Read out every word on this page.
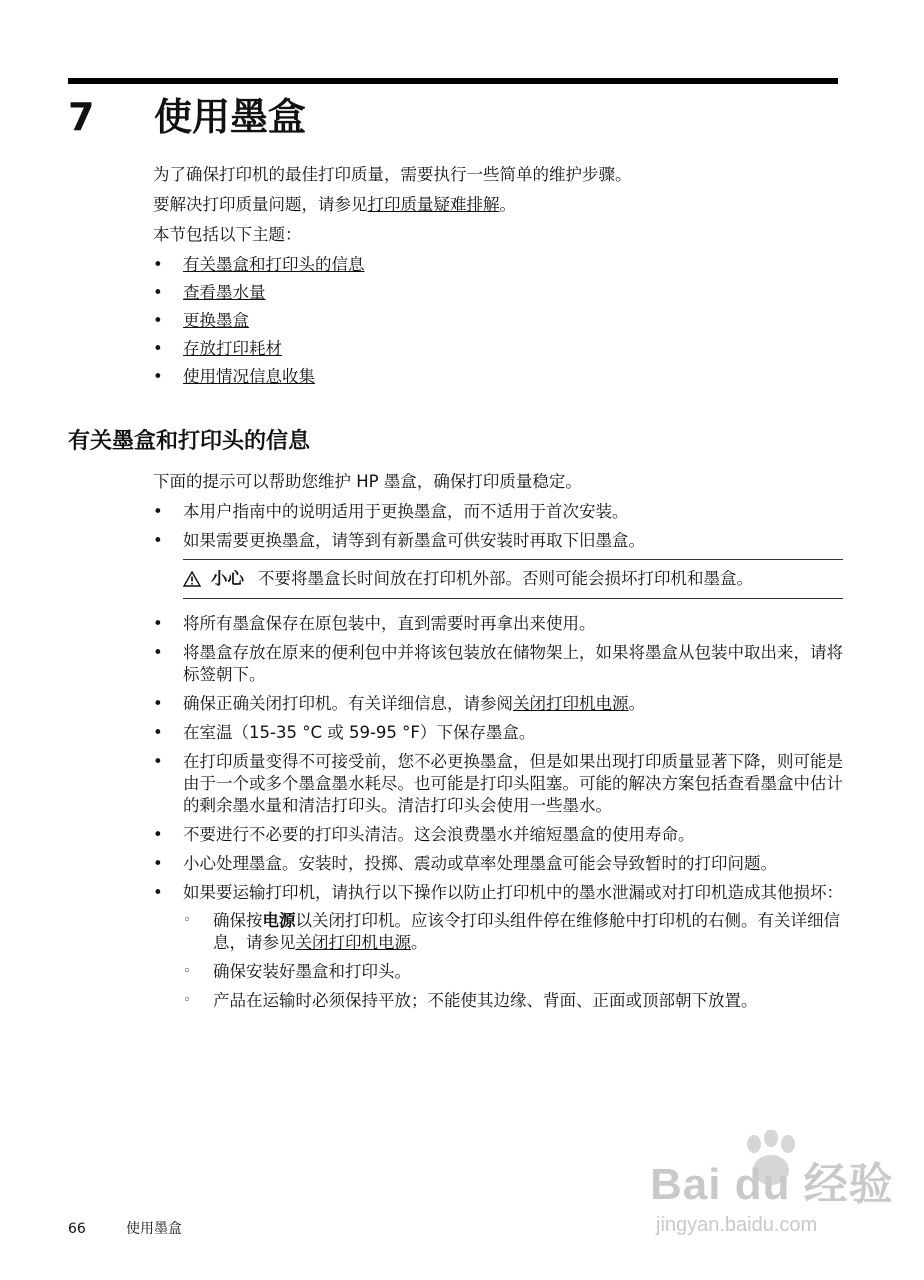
7 使用墨盒

为了确保打印机的最佳打印质量，需要执行一些简单的维护步骤。

要解决打印质量问题，请参见打印质量疑难排解。

本节包括以下主题：

• 有关墨盒和打印头的信息
• 查看墨水量
• 更换墨盒
• 存放打印耗材
• 使用情况信息收集
有关墨盒和打印头的信息

下面的提示可以帮助您维护 HP 墨盒，确保打印质量稳定。

• 本用户指南中的说明适用于更换墨盒，而不适用于首次安装。
• 如果需要更换墨盒，请等到有新墨盒可供安装时再取下旧墨盒。
小心 不要将墨盒长时间放在打印机外部。否则可能会损坏打印机和墨盒。
• 将所有墨盒保存在原包装中，直到需要时再拿出来使用。
• 将墨盒存放在原来的便利包中并将该包装放在储物架上，如果将墨盒从包装中取出来，请将标签朝下。
• 确保正确关闭打印机。有关详细信息，请参阅关闭打印机电源。
• 在室温（15-35 °C 或 59-95 °F）下保存墨盒。
• 在打印质量变得不可接受前，您不必更换墨盒，但是如果出现打印质量显著下降，则可能是由于一个或多个墨盒墨水耗尽。也可能是打印头阻塞。可能的解决方案包括查看墨盒中估计的剩余墨水量和清洁打印头。清洁打印头会使用一些墨水。
• 不要进行不必要的打印头清洁。这会浪费墨水并缩短墨盒的使用寿命。
• 小心处理墨盒。安装时，投掷、震动或草率处理墨盒可能会导致暂时的打印问题。
• 如果要运输打印机，请执行以下操作以防止打印机中的墨水泄漏或对打印机造成其他损坏：
◦ 确保按电源以关闭打印机。应该令打印头组件停在维修舱中打印机的右侧。有关详细信息，请参见关闭打印机电源。
◦ 确保安装好墨盒和打印头。
◦ 产品在运输时必须保持平放；不能使其边缘、背面、正面或顶部朝下放置。
66	使用墨盒
Bai du 经验
jingyan.baidu.com
